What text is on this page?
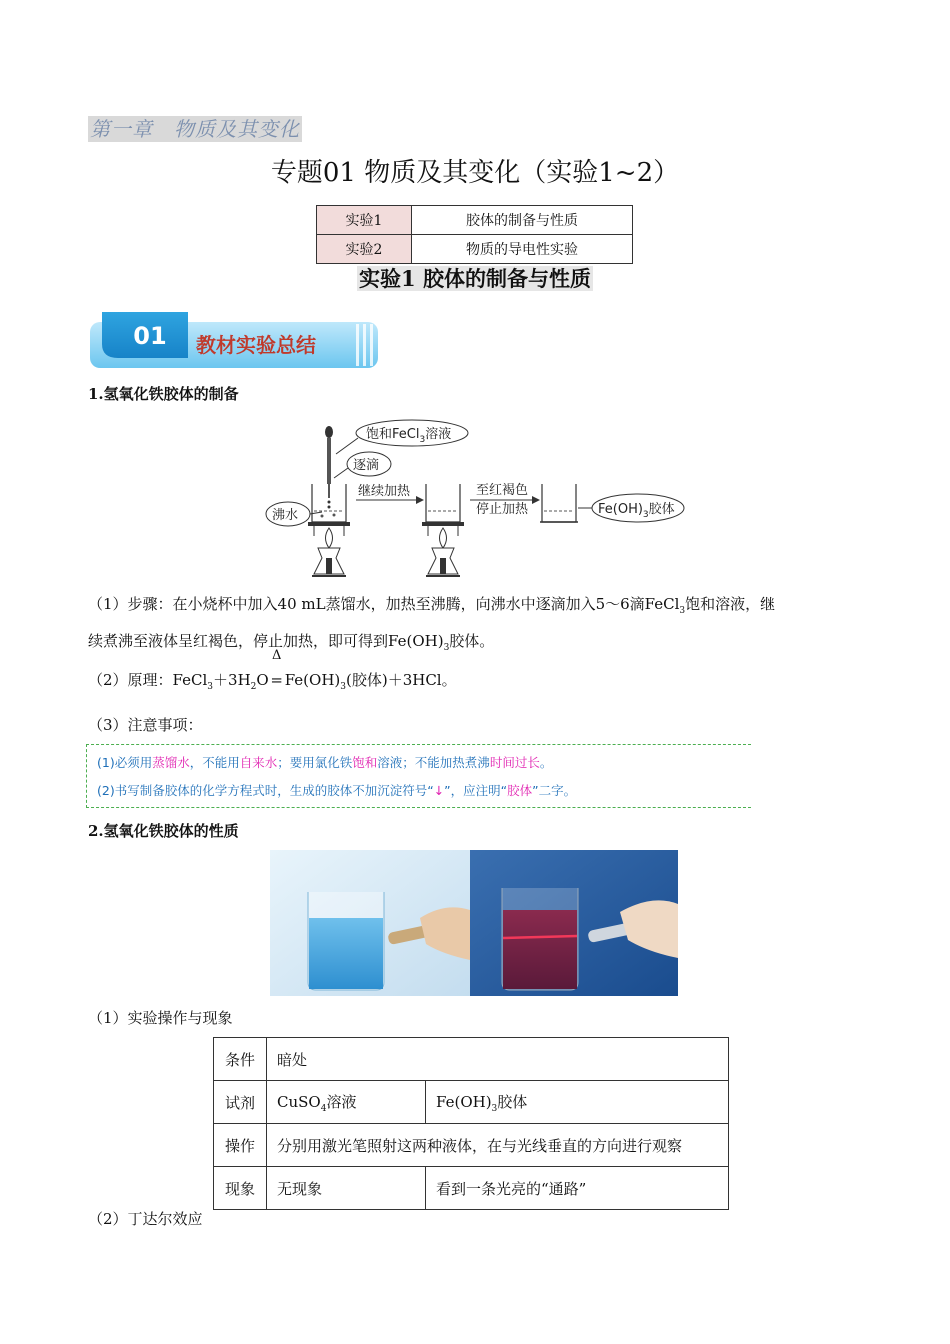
第一章　物质及其变化
专题01 物质及其变化（实验1~2）
实验1	胶体的制备与性质
实验2	物质的导电性实验
实验1 胶体的制备与性质
01 教材实验总结
1.氢氧化铁胶体的制备
饱和FeCl$_3$溶液
逐滴
沸水
继续加热	至红褐色
停止加热	$Fe(OH)_3$胶体
（1）步骤：在小烧杯中加入40 mL蒸馏水，加热至沸腾，向沸水中逐滴加入5～6滴FeCl$_3$饱和溶液，继
续煮沸至液体呈红褐色，停止加热，即可得到$Fe(OH)_3$胶体。
（2）原理：$FeCl_3+3H_2O$
Δ
= $Fe(OH)_3$(胶体)＋3HCl。
（3）注意事项：
(1)必须用蒸馏水，不能用自来水；要用氯化铁饱和溶液；不能加热煮沸时间过长。
(2)书写制备胶体的化学方程式时，生成的胶体不加沉淀符号“↓”，应注明“胶体”二字。
2.氢氧化铁胶体的性质
（1）实验操作与现象
条件	暗处	
试剂	CuSO$_4$溶液	$Fe(OH)_3$胶体
操作	分别用激光笔照射这两种液体，在与光线垂直的方向进行观察	
现象	无现象	看到一条光亮的“通路”
（2）丁达尔效应
